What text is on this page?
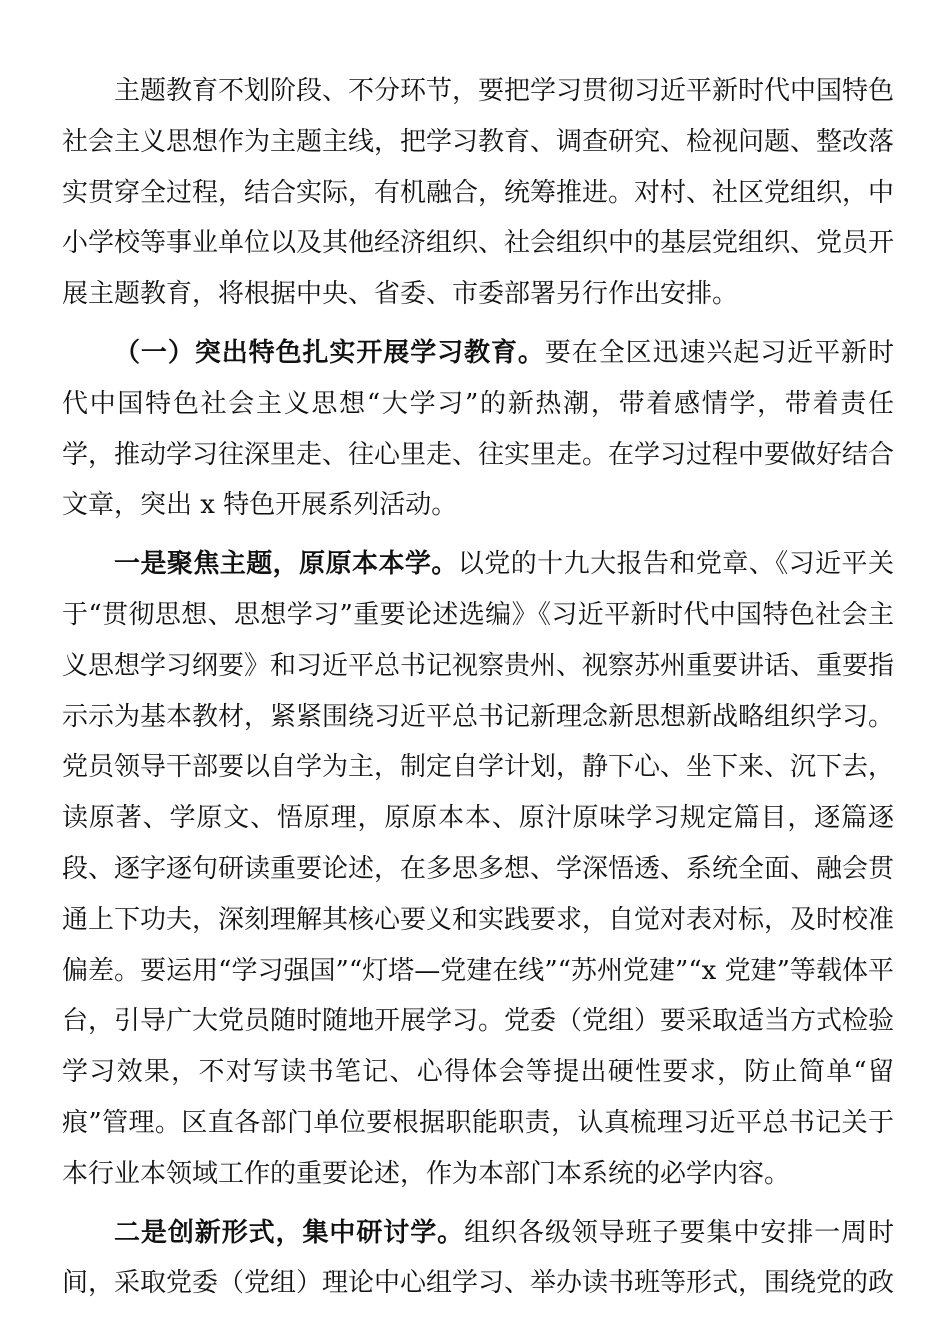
主题教育不划阶段、不分环节，要把学习贯彻习近平新时代中国特色社会主义思想作为主题主线，把学习教育、调查研究、检视问题、整改落实贯穿全过程，结合实际，有机融合，统筹推进。对村、社区党组织，中小学校等事业单位以及其他经济组织、社会组织中的基层党组织、党员开展主题教育，将根据中央、省委、市委部署另行作出安排。

（一）突出特色扎实开展学习教育。要在全区迅速兴起习近平新时代中国特色社会主义思想“大学习”的新热潮，带着感情学，带着责任学，推动学习往深里走、往心里走、往实里走。在学习过程中要做好结合文章，突出 x 特色开展系列活动。

一是聚焦主题，原原本本学。以党的十九大报告和党章、《习近平关于“贯彻思想、思想学习”重要论述选编》《习近平新时代中国特色社会主义思想学习纲要》和习近平总书记视察贵州、视察苏州重要讲话、重要指示示为基本教材，紧紧围绕习近平总书记新理念新思想新战略组织学习。党员领导干部要以自学为主，制定自学计划，静下心、坐下来、沉下去，读原著、学原文、悟原理，原原本本、原汁原味学习规定篇目，逐篇逐段、逐字逐句研读重要论述，在多思多想、学深悟透、系统全面、融会贯通上下功夫，深刻理解其核心要义和实践要求，自觉对表对标，及时校准偏差。要运用“学习强国”“灯塔—党建在线”“苏州党建”“x 党建”等载体平台，引导广大党员随时随地开展学习。党委（党组）要采取适当方式检验学习效果，不对写读书笔记、心得体会等提出硬性要求，防止简单“留痕”管理。区直各部门单位要根据职能职责，认真梳理习近平总书记关于本行业本领域工作的重要论述，作为本部门本系统的必学内容。

二是创新形式，集中研讨学。组织各级领导班子要集中安排一周时间，采取党委（党组）理论中心组学习、举办读书班等形式，围绕党的政
